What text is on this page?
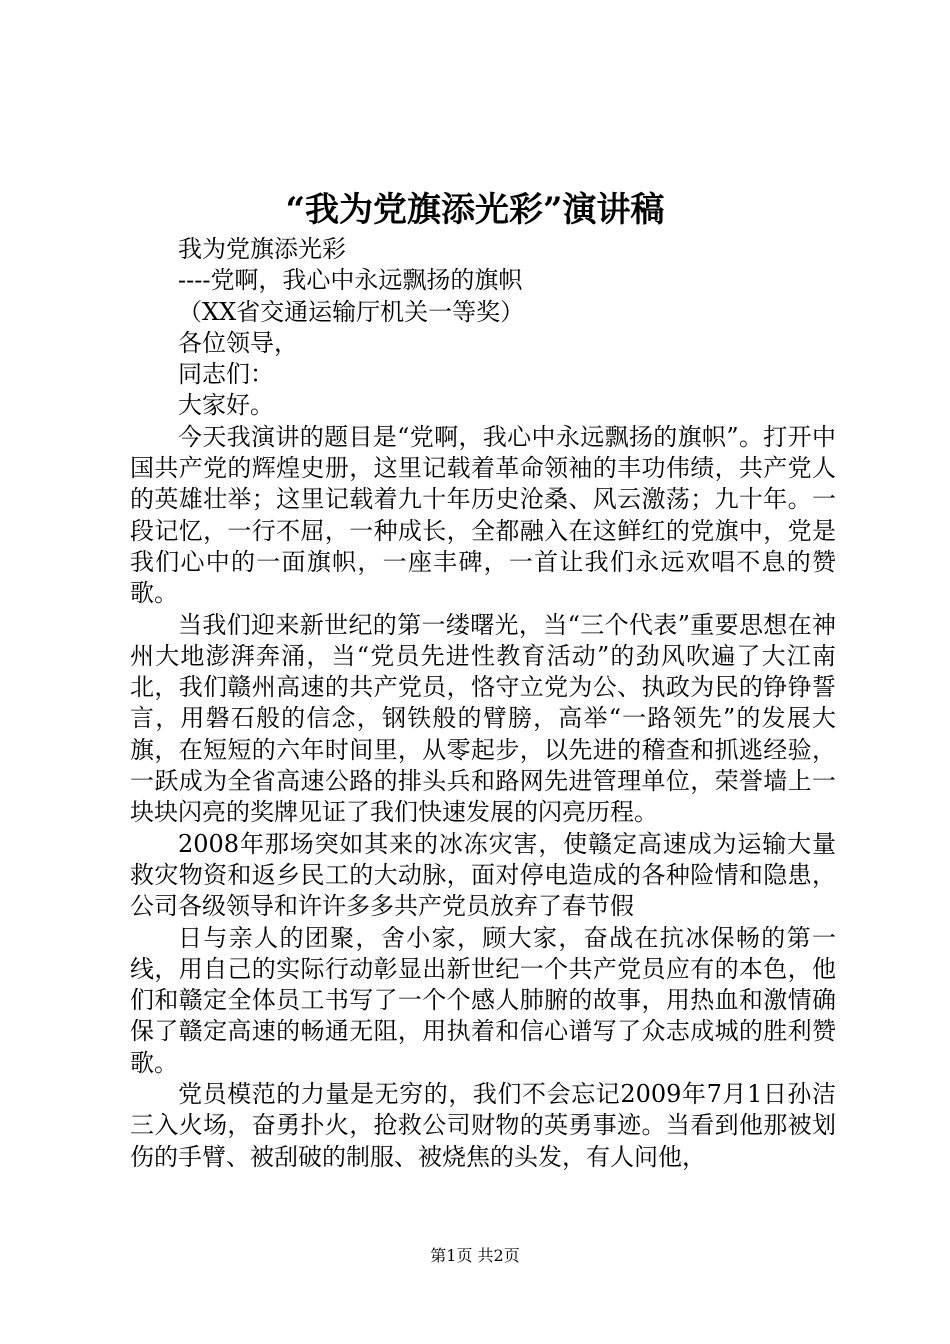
“我为党旗添光彩”演讲稿

我为党旗添光彩

----党啊，我心中永远飘扬的旗帜

（XX省交通运输厅机关一等奖）

各位领导，

同志们：

大家好。

今天我演讲的题目是“党啊，我心中永远飘扬的旗帜”。打开中国共产党的辉煌史册，这里记载着革命领袖的丰功伟绩，共产党人的英雄壮举；这里记载着九十年历史沧桑、风云激荡；九十年。一段记忆，一行不屈，一种成长，全都融入在这鲜红的党旗中，党是我们心中的一面旗帜，一座丰碑，一首让我们永远欢唱不息的赞歌。

当我们迎来新世纪的第一缕曙光，当“三个代表”重要思想在神州大地澎湃奔涌，当“党员先进性教育活动”的劲风吹遍了大江南北，我们赣州高速的共产党员，恪守立党为公、执政为民的铮铮誓言，用磐石般的信念，钢铁般的臂膀，高举“一路领先”的发展大旗，在短短的六年时间里，从零起步，以先进的稽查和抓逃经验，一跃成为全省高速公路的排头兵和路网先进管理单位，荣誉墙上一块块闪亮的奖牌见证了我们快速发展的闪亮历程。

2008年那场突如其来的冰冻灾害，使赣定高速成为运输大量救灾物资和返乡民工的大动脉，面对停电造成的各种险情和隐患，公司各级领导和许许多多共产党员放弃了春节假

日与亲人的团聚，舍小家，顾大家，奋战在抗冰保畅的第一线，用自己的实际行动彰显出新世纪一个共产党员应有的本色，他们和赣定全体员工书写了一个个感人肺腑的故事，用热血和激情确保了赣定高速的畅通无阻，用执着和信心谱写了众志成城的胜利赞歌。

党员模范的力量是无穷的，我们不会忘记2009年7月1日孙洁三入火场，奋勇扑火，抢救公司财物的英勇事迹。当看到他那被划伤的手臂、被刮破的制服、被烧焦的头发，有人问他，

第1页 共2页
